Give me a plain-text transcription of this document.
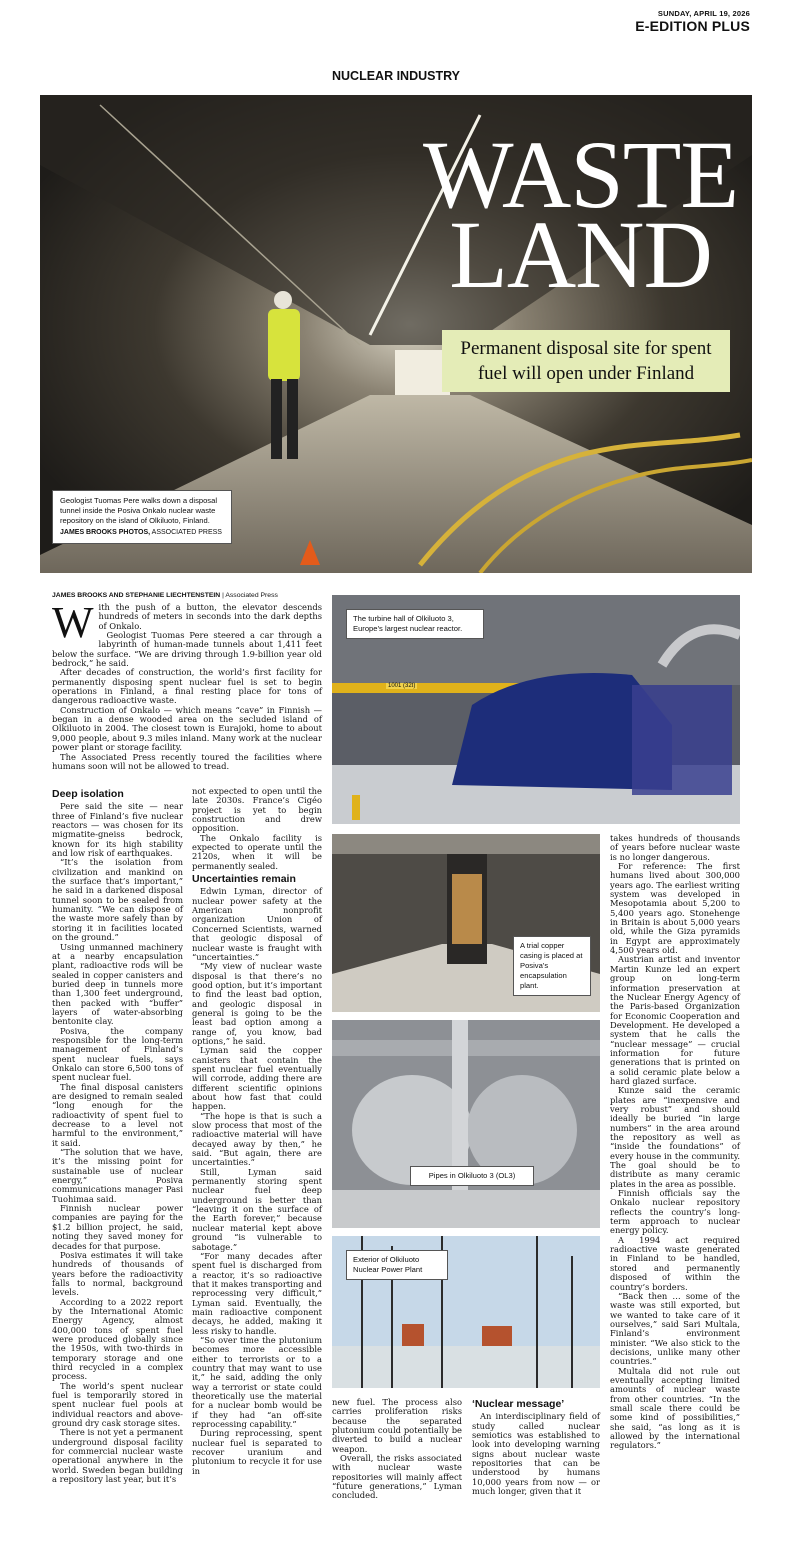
SUNDAY, APRIL 19, 2026
E-EDITION PLUS
NUCLEAR INDUSTRY
WASTE
LAND
Permanent disposal site for spent fuel will open under Finland
Geologist Tuomas Pere walks down a disposal tunnel inside the Posiva Onkalo nuclear waste repository on the island of Olkiluoto, Finland.
JAMES BROOKS PHOTOS, ASSOCIATED PRESS
JAMES BROOKS AND STEPHANIE LIECHTENSTEIN | Associated Press
W ith the push of a button, the elevator descends hundreds of meters in seconds into the dark depths of Onkalo.

Geologist Tuomas Pere steered a car through a labyrinth of human-made tunnels about 1,411 feet below the surface. “We are driving through 1.9-billion year old bedrock,” he said.

After decades of construction, the world’s first facility for permanently disposing spent nuclear fuel is set to begin operations in Finland, a final resting place for tons of dangerous radioactive waste.

Construction of Onkalo — which means “cave” in Finnish — began in a dense wooded area on the secluded island of Olkiluoto in 2004. The closest town is Eurajoki, home to about 9,000 people, about 9.3 miles inland. Many work at the nuclear power plant or storage facility.

The Associated Press recently toured the facilities where humans soon will not be allowed to tread.

Deep isolation

Pere said the site — near three of Finland’s five nuclear reactors — was chosen for its migmatite-gneiss bedrock, known for its high stability and low risk of earthquakes.

“It’s the isolation from civilization and mankind on the surface that’s important,” he said in a darkened disposal tunnel soon to be sealed from humanity. “We can dispose of the waste more safely than by storing it in facilities located on the ground.”

Using unmanned machinery at a nearby encapsulation plant, radioactive rods will be sealed in copper canisters and buried deep in tunnels more than 1,300 feet underground, then packed with “buffer” layers of water-absorbing bentonite clay.

Posiva, the company responsible for the long-term management of Finland’s spent nuclear fuels, says Onkalo can store 6,500 tons of spent nuclear fuel.

The final disposal canisters are designed to remain sealed “long enough for the radioactivity of spent fuel to decrease to a level not harmful to the environment,” it said.

“The solution that we have, it’s the missing point for sustainable use of nuclear energy,” Posiva communications manager Pasi Tuohimaa said.

Finnish nuclear power companies are paying for the $1.2 billion project, he said, noting they saved money for decades for that purpose.

Posiva estimates it will take hundreds of thousands of years before the radioactivity falls to normal, background levels.

According to a 2022 report by the International Atomic Energy Agency, almost 400,000 tons of spent fuel were produced globally since the 1950s, with two-thirds in temporary storage and one third recycled in a complex process.

The world’s spent nuclear fuel is temporarily stored in spent nuclear fuel pools at individual reactors and above-ground dry cask storage sites.

There is not yet a permanent underground disposal facility for commercial nuclear waste operational anywhere in the world. Sweden began building a repository last year, but it’s

not expected to open until the late 2030s. France’s Cigéo project is yet to begin construction and drew opposition.

The Onkalo facility is expected to operate until the 2120s, when it will be permanently sealed.

Uncertainties remain

Edwin Lyman, director of nuclear power safety at the American nonprofit organization Union of Concerned Scientists, warned that geologic disposal of nuclear waste is fraught with “uncertainties.”

“My view of nuclear waste disposal is that there’s no good option, but it’s important to find the least bad option, and geologic disposal in general is going to be the least bad option among a range of, you know, bad options,” he said.

Lyman said the copper canisters that contain the spent nuclear fuel eventually will corrode, adding there are different scientific opinions about how fast that could happen.

“The hope is that is such a slow process that most of the radioactive material will have decayed away by then,” he said. “But again, there are uncertainties.”

Still, Lyman said permanently storing spent nuclear fuel deep underground is better than “leaving it on the surface of the Earth forever,” because nuclear material kept above ground “is vulnerable to sabotage.”

“For many decades after spent fuel is discharged from a reactor, it’s so radioactive that it makes transporting and reprocessing very difficult,” Lyman said. Eventually, the main radioactive component decays, he added, making it less risky to handle.

“So over time the plutonium becomes more accessible either to terrorists or to a country that may want to use it,” he said, adding the only way a terrorist or state could theoretically use the material for a nuclear bomb would be if they had “an off-site reprocessing capability.”

During reprocessing, spent nuclear fuel is separated to recover uranium and plutonium to recycle it for use in

1001 (32t)
The turbine hall of Olkiluoto 3, Europe’s largest nuclear reactor.
A trial copper casing is placed at Posiva’s encapsulation plant.
Pipes in Olkiluoto 3 (OL3)
Exterior of Olkiluoto Nuclear Power Plant

new fuel. The process also carries proliferation risks because the separated plutonium could potentially be diverted to build a nuclear weapon.

Overall, the risks associated with nuclear waste repositories will mainly affect “future generations,” Lyman concluded.

‘Nuclear message’

An interdisciplinary field of study called nuclear semiotics was established to look into developing warning signs about nuclear waste repositories that can be understood by humans 10,000 years from now — or much longer, given that it

takes hundreds of thousands of years before nuclear waste is no longer dangerous.

For reference: The first humans lived about 300,000 years ago. The earliest writing system was developed in Mesopotamia about 5,200 to 5,400 years ago. Stonehenge in Britain is about 5,000 years old, while the Giza pyramids in Egypt are approximately 4,500 years old.

Austrian artist and inventor Martin Kunze led an expert group on long-term information preservation at the Nuclear Energy Agency of the Paris-based Organization for Economic Cooperation and Development. He developed a system that he calls the “nuclear message” — crucial information for future generations that is printed on a solid ceramic plate below a hard glazed surface.

Kunze said the ceramic plates are “inexpensive and very robust” and should ideally be buried “in large numbers” in the area around the repository as well as “inside the foundations” of every house in the community. The goal should be to distribute as many ceramic plates in the area as possible.

Finnish officials say the Onkalo nuclear repository reflects the country’s long-term approach to nuclear energy policy.

A 1994 act required radioactive waste generated in Finland to be handled, stored and permanently disposed of within the country’s borders.

“Back then … some of the waste was still exported, but we wanted to take care of it ourselves,” said Sari Multala, Finland’s environment minister. “We also stick to the decisions, unlike many other countries.”

Multala did not rule out eventually accepting limited amounts of nuclear waste from other countries. “In the small scale there could be some kind of possibilities,” she said, “as long as it is allowed by the international regulators.”
